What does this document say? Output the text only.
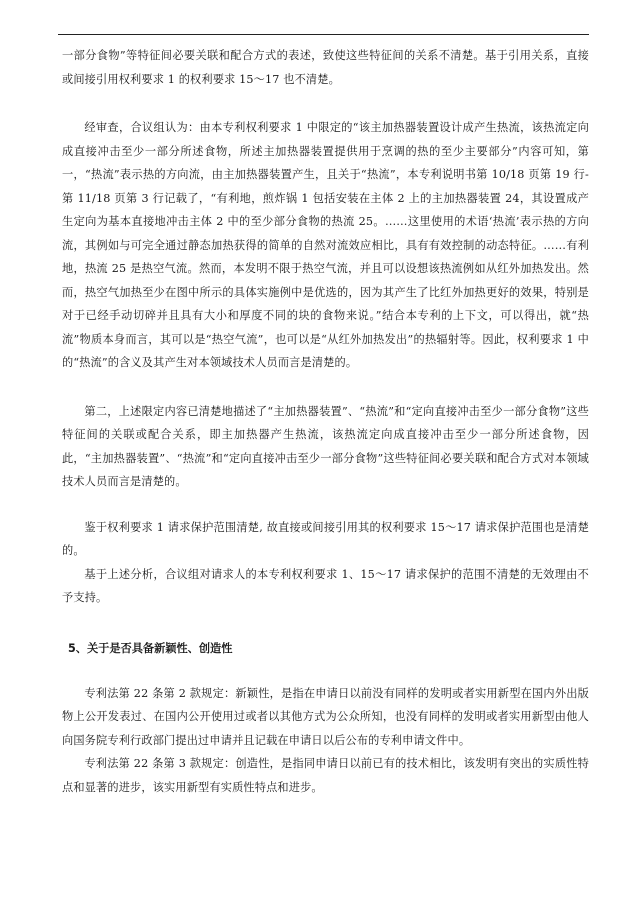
一部分食物”等特征间必要关联和配合方式的表述，致使这些特征间的关系不清楚。基于引用关系，直接或间接引用权利要求 1 的权利要求 15～17 也不清楚。

经审查，合议组认为：由本专利权利要求 1 中限定的“该主加热器装置设计成产生热流，该热流定向成直接冲击至少一部分所述食物，所述主加热器装置提供用于烹调的热的至少主要部分”内容可知，第一，“热流”表示热的方向流，由主加热器装置产生，且关于“热流”，本专利说明书第 10/18 页第 19 行-第 11/18 页第 3 行记载了，“有利地，煎炸锅 1 包括安装在主体 2 上的主加热器装置 24，其设置成产生定向为基本直接地冲击主体 2 中的至少部分食物的热流 25。……这里使用的术语‘热流’表示热的方向流，其例如与可完全通过静态加热获得的简单的自然对流效应相比，具有有效控制的动态特征。……有利地，热流 25 是热空气流。然而，本发明不限于热空气流，并且可以设想该热流例如从红外加热发出。然而，热空气加热至少在图中所示的具体实施例中是优选的，因为其产生了比红外加热更好的效果，特别是对于已经手动切碎并且具有大小和厚度不同的块的食物来说。”结合本专利的上下文，可以得出，就“热流”物质本身而言，其可以是“热空气流”，也可以是“从红外加热发出”的热辐射等。因此，权利要求 1 中的“热流”的含义及其产生对本领域技术人员而言是清楚的。

第二，上述限定内容已清楚地描述了“主加热器装置”、“热流”和“定向直接冲击至少一部分食物”这些特征间的关联或配合关系，即主加热器产生热流，该热流定向成直接冲击至少一部分所述食物，因此，“主加热器装置”、“热流”和“定向直接冲击至少一部分食物”这些特征间必要关联和配合方式对本领域技术人员而言是清楚的。

鉴于权利要求 1 请求保护范围清楚, 故直接或间接引用其的权利要求 15～17 请求保护范围也是清楚的。

基于上述分析，合议组对请求人的本专利权利要求 1、15～17 请求保护的范围不清楚的无效理由不予支持。

5、关于是否具备新颖性、创造性

专利法第 22 条第 2 款规定：新颖性，是指在申请日以前没有同样的发明或者实用新型在国内外出版物上公开发表过、在国内公开使用过或者以其他方式为公众所知，也没有同样的发明或者实用新型由他人向国务院专利行政部门提出过申请并且记载在申请日以后公布的专利申请文件中。

专利法第 22 条第 3 款规定：创造性，是指同申请日以前已有的技术相比，该发明有突出的实质性特点和显著的进步，该实用新型有实质性特点和进步。
